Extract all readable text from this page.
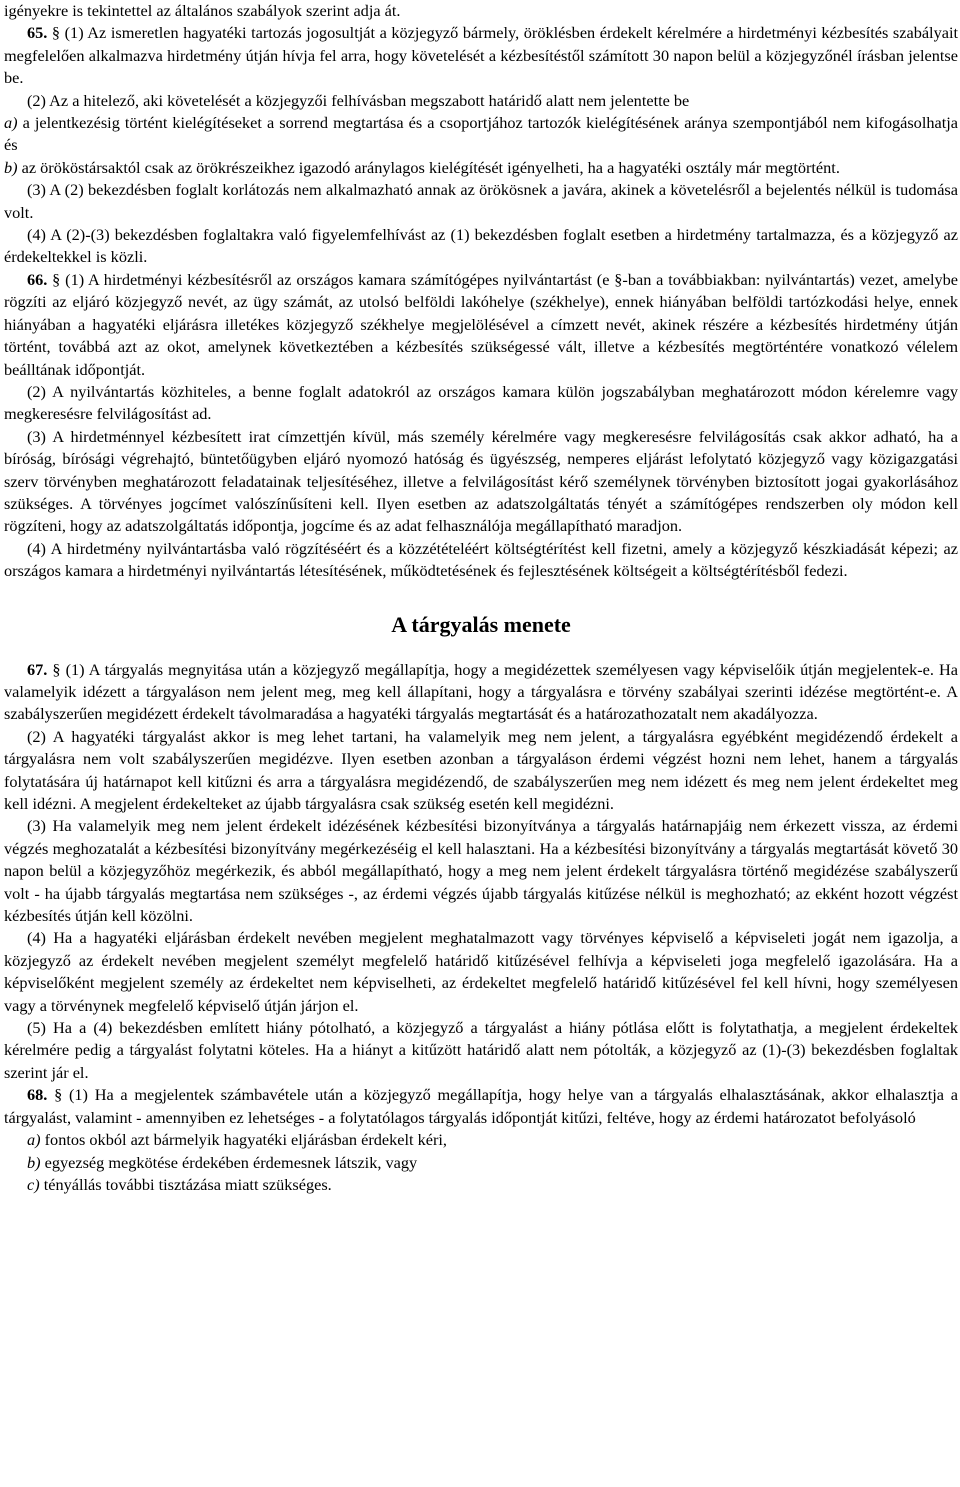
igényekre is tekintettel az általános szabályok szerint adja át.

65. § (1) Az ismeretlen hagyatéki tartozás jogosultját a közjegyző bármely, öröklésben érdekelt kérelmére a hirdetményi kézbesítés szabályait megfelelően alkalmazva hirdetmény útján hívja fel arra, hogy követelését a kézbesítéstől számított 30 napon belül a közjegyzőnél írásban jelentse be.

(2) Az a hitelező, aki követelését a közjegyzői felhívásban megszabott határidő alatt nem jelentette be

a) a jelentkezésig történt kielégítéseket a sorrend megtartása és a csoportjához tartozók kielégítésének aránya szempontjából nem kifogásolhatja és

b) az örököstársaktól csak az örökrészeikhez igazodó aránylagos kielégítését igényelheti, ha a hagyatéki osztály már megtörtént.

(3) A (2) bekezdésben foglalt korlátozás nem alkalmazható annak az örökösnek a javára, akinek a követelésről a bejelentés nélkül is tudomása volt.

(4) A (2)-(3) bekezdésben foglaltakra való figyelemfelhívást az (1) bekezdésben foglalt esetben a hirdetmény tartalmazza, és a közjegyző az érdekeltekkel is közli.

66. § (1) A hirdetményi kézbesítésről az országos kamara számítógépes nyilvántartást (e §-ban a továbbiakban: nyilvántartás) vezet, amelybe rögzíti az eljáró közjegyző nevét, az ügy számát, az utolsó belföldi lakóhelye (székhelye), ennek hiányában belföldi tartózkodási helye, ennek hiányában a hagyatéki eljárásra illetékes közjegyző székhelye megjelölésével a címzett nevét, akinek részére a kézbesítés hirdetmény útján történt, továbbá azt az okot, amelynek következtében a kézbesítés szükségessé vált, illetve a kézbesítés megtörténtére vonatkozó vélelem beálltának időpontját.

(2) A nyilvántartás közhiteles, a benne foglalt adatokról az országos kamara külön jogszabályban meghatározott módon kérelemre vagy megkeresésre felvilágosítást ad.

(3) A hirdetménnyel kézbesített irat címzettjén kívül, más személy kérelmére vagy megkeresésre felvilágosítás csak akkor adható, ha a bíróság, bírósági végrehajtó, büntetőügyben eljáró nyomozó hatóság és ügyészség, nemperes eljárást lefolytató közjegyző vagy közigazgatási szerv törvényben meghatározott feladatainak teljesítéséhez, illetve a felvilágosítást kérő személynek törvényben biztosított jogai gyakorlásához szükséges. A törvényes jogcímet valószínűsíteni kell. Ilyen esetben az adatszolgáltatás tényét a számítógépes rendszerben oly módon kell rögzíteni, hogy az adatszolgáltatás időpontja, jogcíme és az adat felhasználója megállapítható maradjon.

(4) A hirdetmény nyilvántartásba való rögzítéséért és a közzétételéért költségtérítést kell fizetni, amely a közjegyző készkiadását képezi; az országos kamara a hirdetményi nyilvántartás létesítésének, működtetésének és fejlesztésének költségeit a költségtérítésből fedezi.

A tárgyalás menete

67. § (1) A tárgyalás megnyitása után a közjegyző megállapítja, hogy a megidézettek személyesen vagy képviselőik útján megjelentek-e. Ha valamelyik idézett a tárgyaláson nem jelent meg, meg kell állapítani, hogy a tárgyalásra e törvény szabályai szerinti idézése megtörtént-e. A szabályszerűen megidézett érdekelt távolmaradása a hagyatéki tárgyalás megtartását és a határozathozatalt nem akadályozza.

(2) A hagyatéki tárgyalást akkor is meg lehet tartani, ha valamelyik meg nem jelent, a tárgyalásra egyébként megidézendő érdekelt a tárgyalásra nem volt szabályszerűen megidézve. Ilyen esetben azonban a tárgyaláson érdemi végzést hozni nem lehet, hanem a tárgyalás folytatására új határnapot kell kitűzni és arra a tárgyalásra megidézendő, de szabályszerűen meg nem idézett és meg nem jelent érdekeltet meg kell idézni. A megjelent érdekelteket az újabb tárgyalásra csak szükség esetén kell megidézni.

(3) Ha valamelyik meg nem jelent érdekelt idézésének kézbesítési bizonyítványa a tárgyalás határnapjáig nem érkezett vissza, az érdemi végzés meghozatalát a kézbesítési bizonyítvány megérkezéséig el kell halasztani. Ha a kézbesítési bizonyítvány a tárgyalás megtartását követő 30 napon belül a közjegyzőhöz megérkezik, és abból megállapítható, hogy a meg nem jelent érdekelt tárgyalásra történő megidézése szabályszerű volt - ha újabb tárgyalás megtartása nem szükséges -, az érdemi végzés újabb tárgyalás kitűzése nélkül is meghozható; az ekként hozott végzést kézbesítés útján kell közölni.

(4) Ha a hagyatéki eljárásban érdekelt nevében megjelent meghatalmazott vagy törvényes képviselő a képviseleti jogát nem igazolja, a közjegyző az érdekelt nevében megjelent személyt megfelelő határidő kitűzésével felhívja a képviseleti joga megfelelő igazolására. Ha a képviselőként megjelent személy az érdekeltet nem képviselheti, az érdekeltet megfelelő határidő kitűzésével fel kell hívni, hogy személyesen vagy a törvénynek megfelelő képviselő útján járjon el.

(5) Ha a (4) bekezdésben említett hiány pótolható, a közjegyző a tárgyalást a hiány pótlása előtt is folytathatja, a megjelent érdekeltek kérelmére pedig a tárgyalást folytatni köteles. Ha a hiányt a kitűzött határidő alatt nem pótolták, a közjegyző az (1)-(3) bekezdésben foglaltak szerint jár el.

68. § (1) Ha a megjelentek számbavétele után a közjegyző megállapítja, hogy helye van a tárgyalás elhalasztásának, akkor elhalasztja a tárgyalást, valamint - amennyiben ez lehetséges - a folytatólagos tárgyalás időpontját kitűzi, feltéve, hogy az érdemi határozatot befolyásoló

a) fontos okból azt bármelyik hagyatéki eljárásban érdekelt kéri,

b) egyezség megkötése érdekében érdemesnek látszik, vagy

c) tényállás további tisztázása miatt szükséges.
